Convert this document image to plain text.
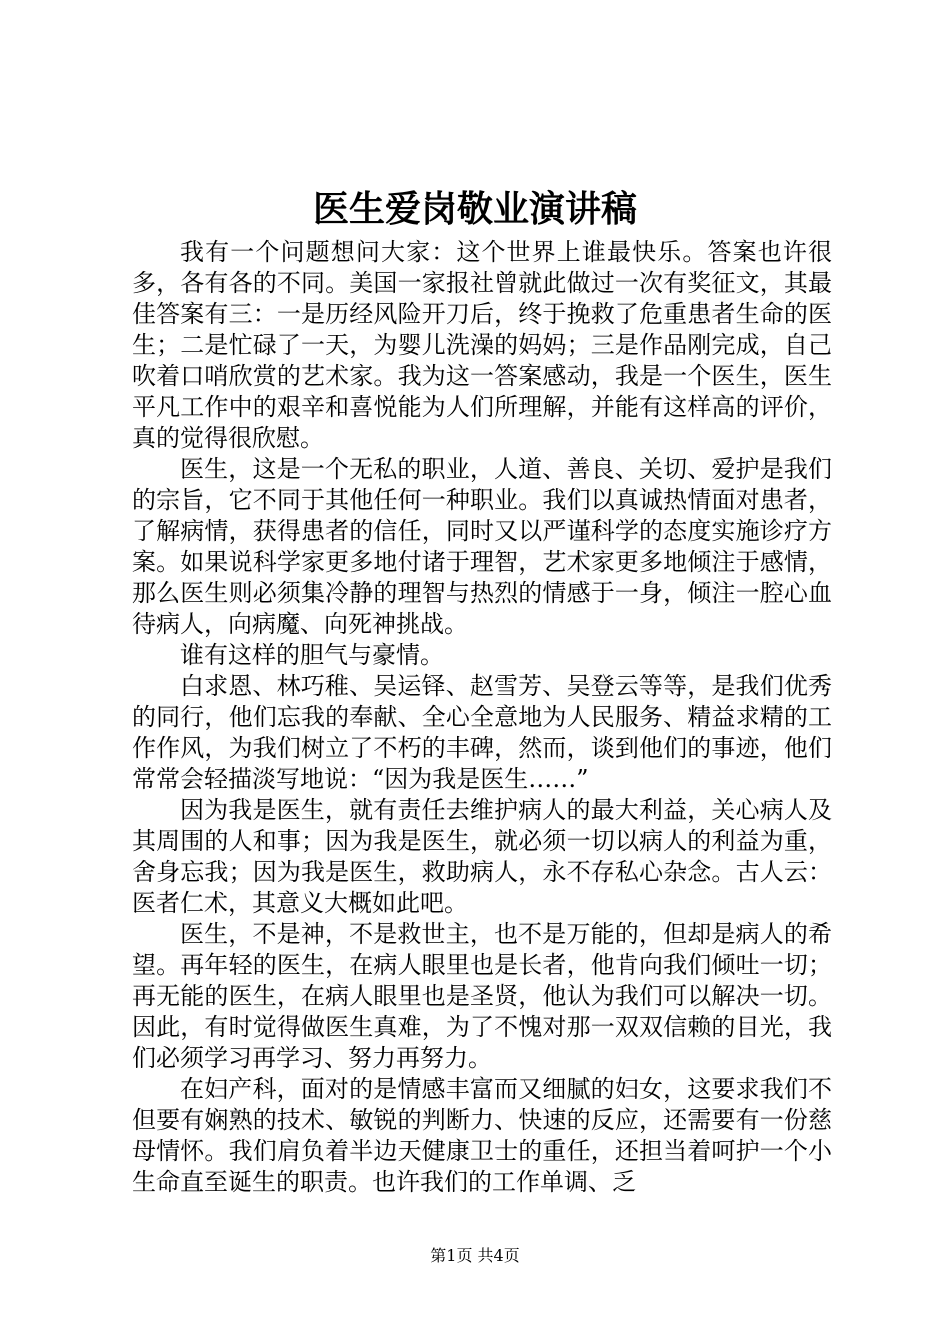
医生爱岗敬业演讲稿

我有一个问题想问大家：这个世界上谁最快乐。答案也许很多，各有各的不同。美国一家报社曾就此做过一次有奖征文，其最佳答案有三：一是历经风险开刀后，终于挽救了危重患者生命的医生；二是忙碌了一天，为婴儿洗澡的妈妈；三是作品刚完成，自己吹着口哨欣赏的艺术家。我为这一答案感动，我是一个医生，医生平凡工作中的艰辛和喜悦能为人们所理解，并能有这样高的评价，真的觉得很欣慰。

医生，这是一个无私的职业，人道、善良、关切、爱护是我们的宗旨，它不同于其他任何一种职业。我们以真诚热情面对患者，了解病情，获得患者的信任，同时又以严谨科学的态度实施诊疗方案。如果说科学家更多地付诸于理智，艺术家更多地倾注于感情，那么医生则必须集冷静的理智与热烈的情感于一身，倾注一腔心血待病人，向病魔、向死神挑战。

谁有这样的胆气与豪情。

白求恩、林巧稚、吴运铎、赵雪芳、吴登云等等，是我们优秀的同行，他们忘我的奉献、全心全意地为人民服务、精益求精的工作作风，为我们树立了不朽的丰碑，然而，谈到他们的事迹，他们常常会轻描淡写地说：“因为我是医生……”

因为我是医生，就有责任去维护病人的最大利益，关心病人及其周围的人和事；因为我是医生，就必须一切以病人的利益为重，舍身忘我；因为我是医生，救助病人，永不存私心杂念。古人云：医者仁术，其意义大概如此吧。

医生，不是神，不是救世主，也不是万能的，但却是病人的希望。再年轻的医生，在病人眼里也是长者，他肯向我们倾吐一切；再无能的医生，在病人眼里也是圣贤，他认为我们可以解决一切。因此，有时觉得做医生真难，为了不愧对那一双双信赖的目光，我们必须学习再学习、努力再努力。

在妇产科，面对的是情感丰富而又细腻的妇女，这要求我们不但要有娴熟的技术、敏锐的判断力、快速的反应，还需要有一份慈母情怀。我们肩负着半边天健康卫士的重任，还担当着呵护一个小生命直至诞生的职责。也许我们的工作单调、乏

第1页 共4页
